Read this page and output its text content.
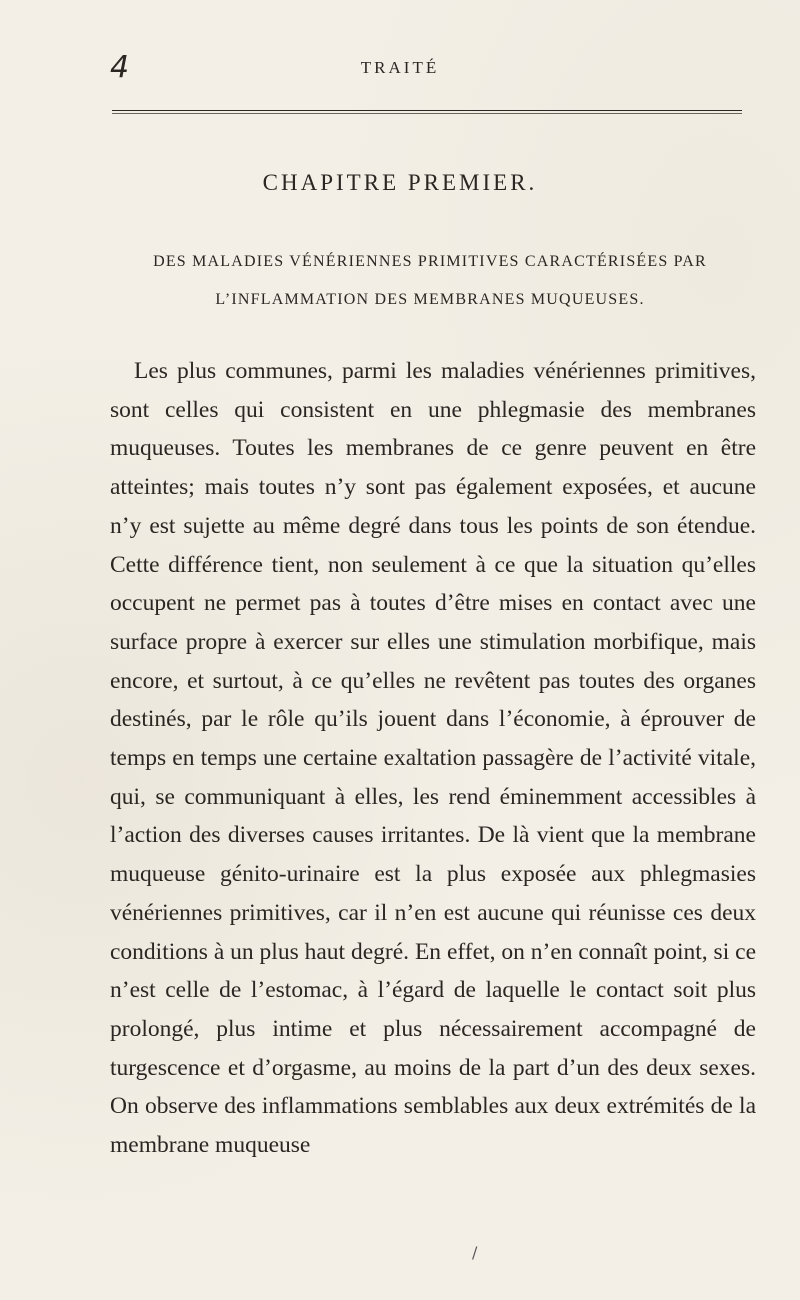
4	TRAITÉ
CHAPITRE PREMIER.
DES MALADIES VÉNÉRIENNES PRIMITIVES CARACTÉRISÉES PAR L’INFLAMMATION DES MEMBRANES MUQUEUSES.
Les plus communes, parmi les maladies vénériennes primitives, sont celles qui consistent en une phlegmasie des membranes muqueuses. Toutes les membranes de ce genre peuvent en être atteintes; mais toutes n’y sont pas également exposées, et aucune n’y est sujette au même degré dans tous les points de son étendue. Cette différence tient, non seulement à ce que la situation qu’elles occupent ne permet pas à toutes d’être mises en contact avec une surface propre à exercer sur elles une stimulation morbifique, mais encore, et surtout, à ce qu’elles ne revêtent pas toutes des organes destinés, par le rôle qu’ils jouent dans l’économie, à éprouver de temps en temps une certaine exaltation passagère de l’activité vitale, qui, se communiquant à elles, les rend éminemment accessibles à l’action des diverses causes irritantes. De là vient que la membrane muqueuse génito-urinaire est la plus exposée aux phlegmasies vénériennes primitives, car il n’en est aucune qui réunisse ces deux conditions à un plus haut degré. En effet, on n’en connaît point, si ce n’est celle de l’estomac, à l’égard de laquelle le contact soit plus prolongé, plus intime et plus nécessairement accompagné de turgescence et d’orgasme, au moins de la part d’un des deux sexes. On observe des inflammations semblables aux deux extrémités de la membrane muqueuse
/
